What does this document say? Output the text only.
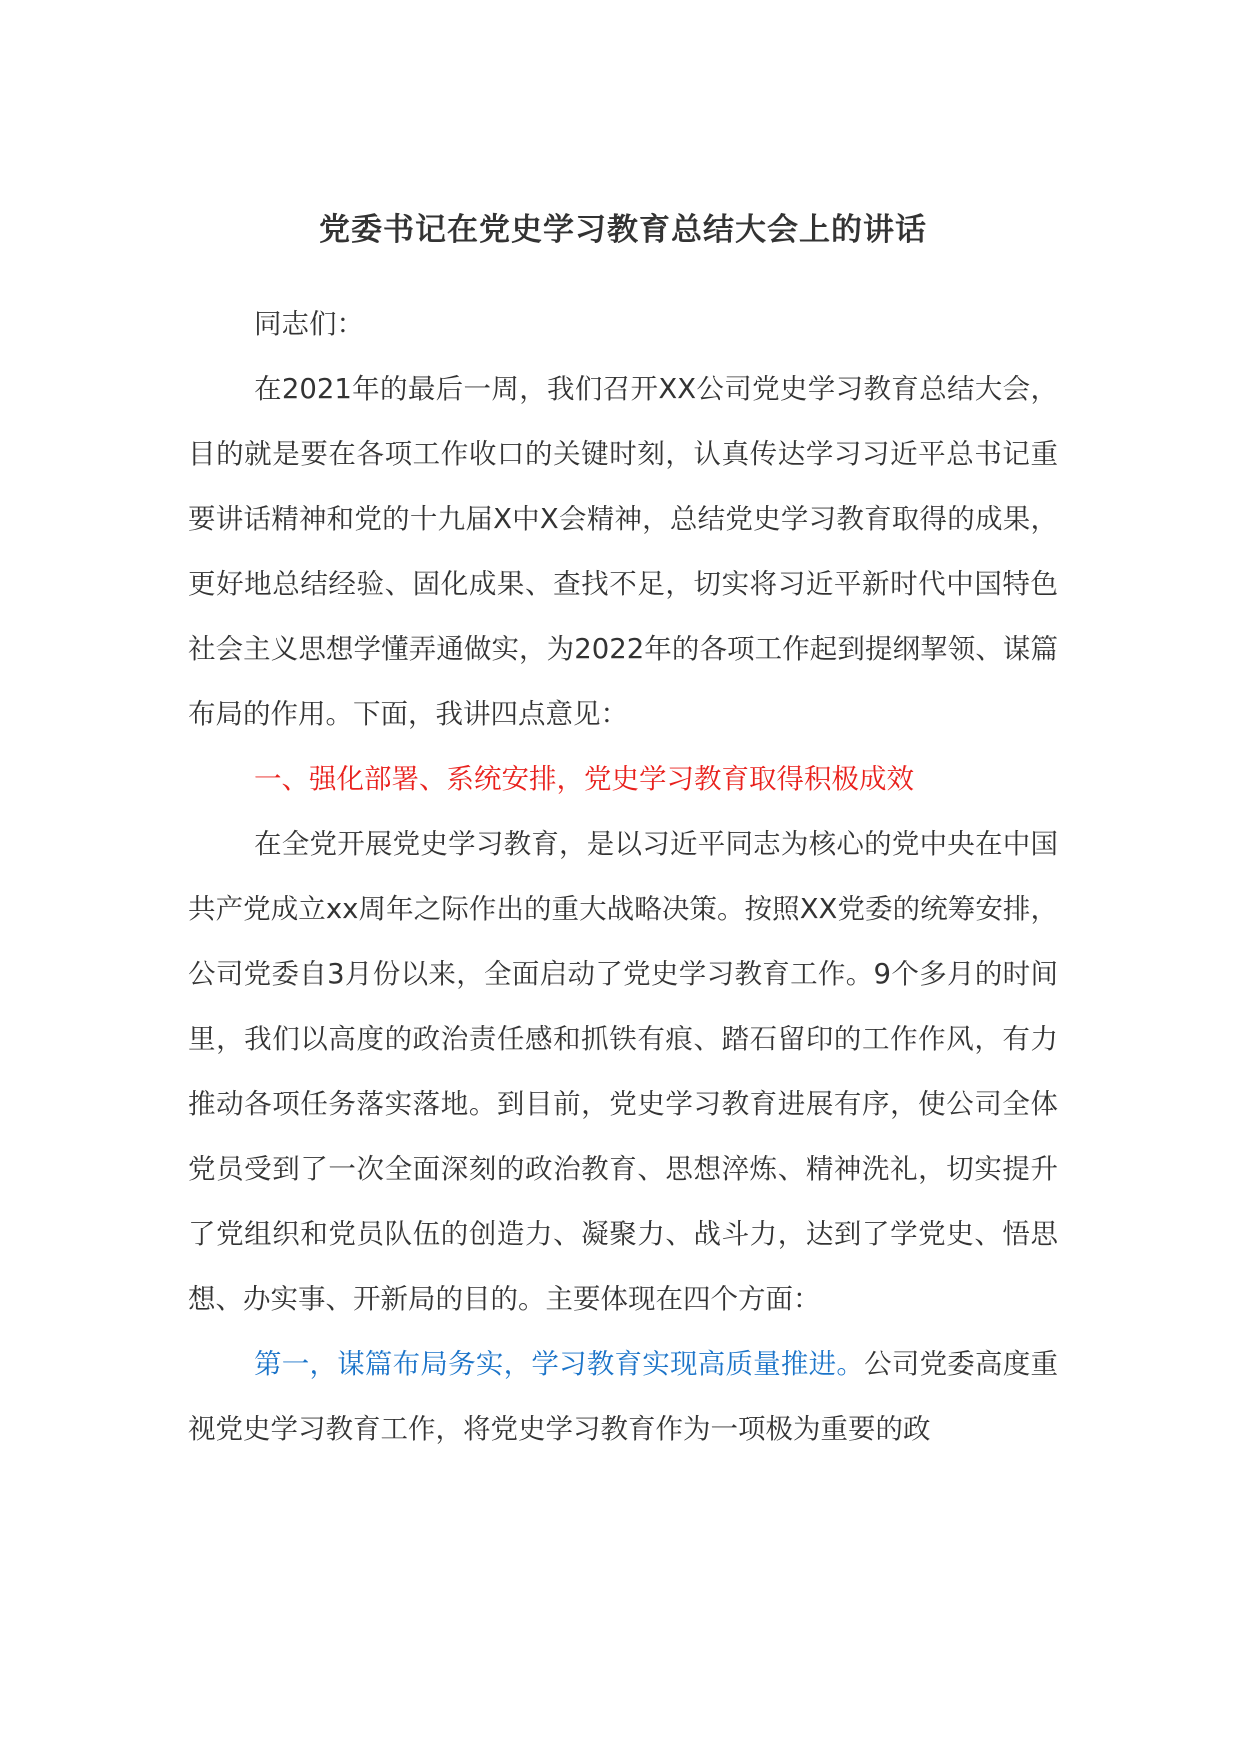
党委书记在党史学习教育总结大会上的讲话

同志们：

在2021年的最后一周，我们召开XX公司党史学习教育总结大会，目的就是要在各项工作收口的关键时刻，认真传达学习习近平总书记重要讲话精神和党的十九届X中X会精神，总结党史学习教育取得的成果，更好地总结经验、固化成果、查找不足，切实将习近平新时代中国特色社会主义思想学懂弄通做实，为2022年的各项工作起到提纲挈领、谋篇布局的作用。下面，我讲四点意见：

一、强化部署、系统安排，党史学习教育取得积极成效

在全党开展党史学习教育，是以习近平同志为核心的党中央在中国共产党成立xx周年之际作出的重大战略决策。按照XX党委的统筹安排，公司党委自3月份以来，全面启动了党史学习教育工作。9个多月的时间里，我们以高度的政治责任感和抓铁有痕、踏石留印的工作作风，有力推动各项任务落实落地。到目前，党史学习教育进展有序，使公司全体党员受到了一次全面深刻的政治教育、思想淬炼、精神洗礼，切实提升了党组织和党员队伍的创造力、凝聚力、战斗力，达到了学党史、悟思想、办实事、开新局的目的。主要体现在四个方面：

第一，谋篇布局务实，学习教育实现高质量推进。公司党委高度重视党史学习教育工作，将党史学习教育作为一项极为重要的政
